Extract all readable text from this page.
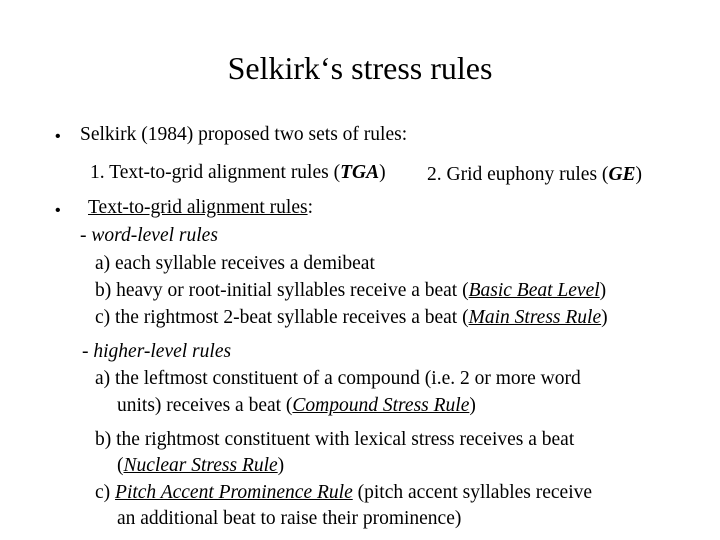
Selkirk‘s stress rules
• Selkirk (1984) proposed two sets of rules:
1. Text-to-grid alignment rules (TGA) 2. Grid euphony rules (GE)
• Text-to-grid alignment rules:
- word-level rules
a) each syllable receives a demibeat
b) heavy or root-initial syllables receive a beat (Basic Beat Level)
c) the rightmost 2-beat syllable receives a beat (Main Stress Rule)
- higher-level rules
a) the leftmost constituent of a compound (i.e. 2 or more word
units) receives a beat (Compound Stress Rule)
b) the rightmost constituent with lexical stress receives a beat
(Nuclear Stress Rule)
c) Pitch Accent Prominence Rule (pitch accent syllables receive
an additional beat to raise their prominence)
